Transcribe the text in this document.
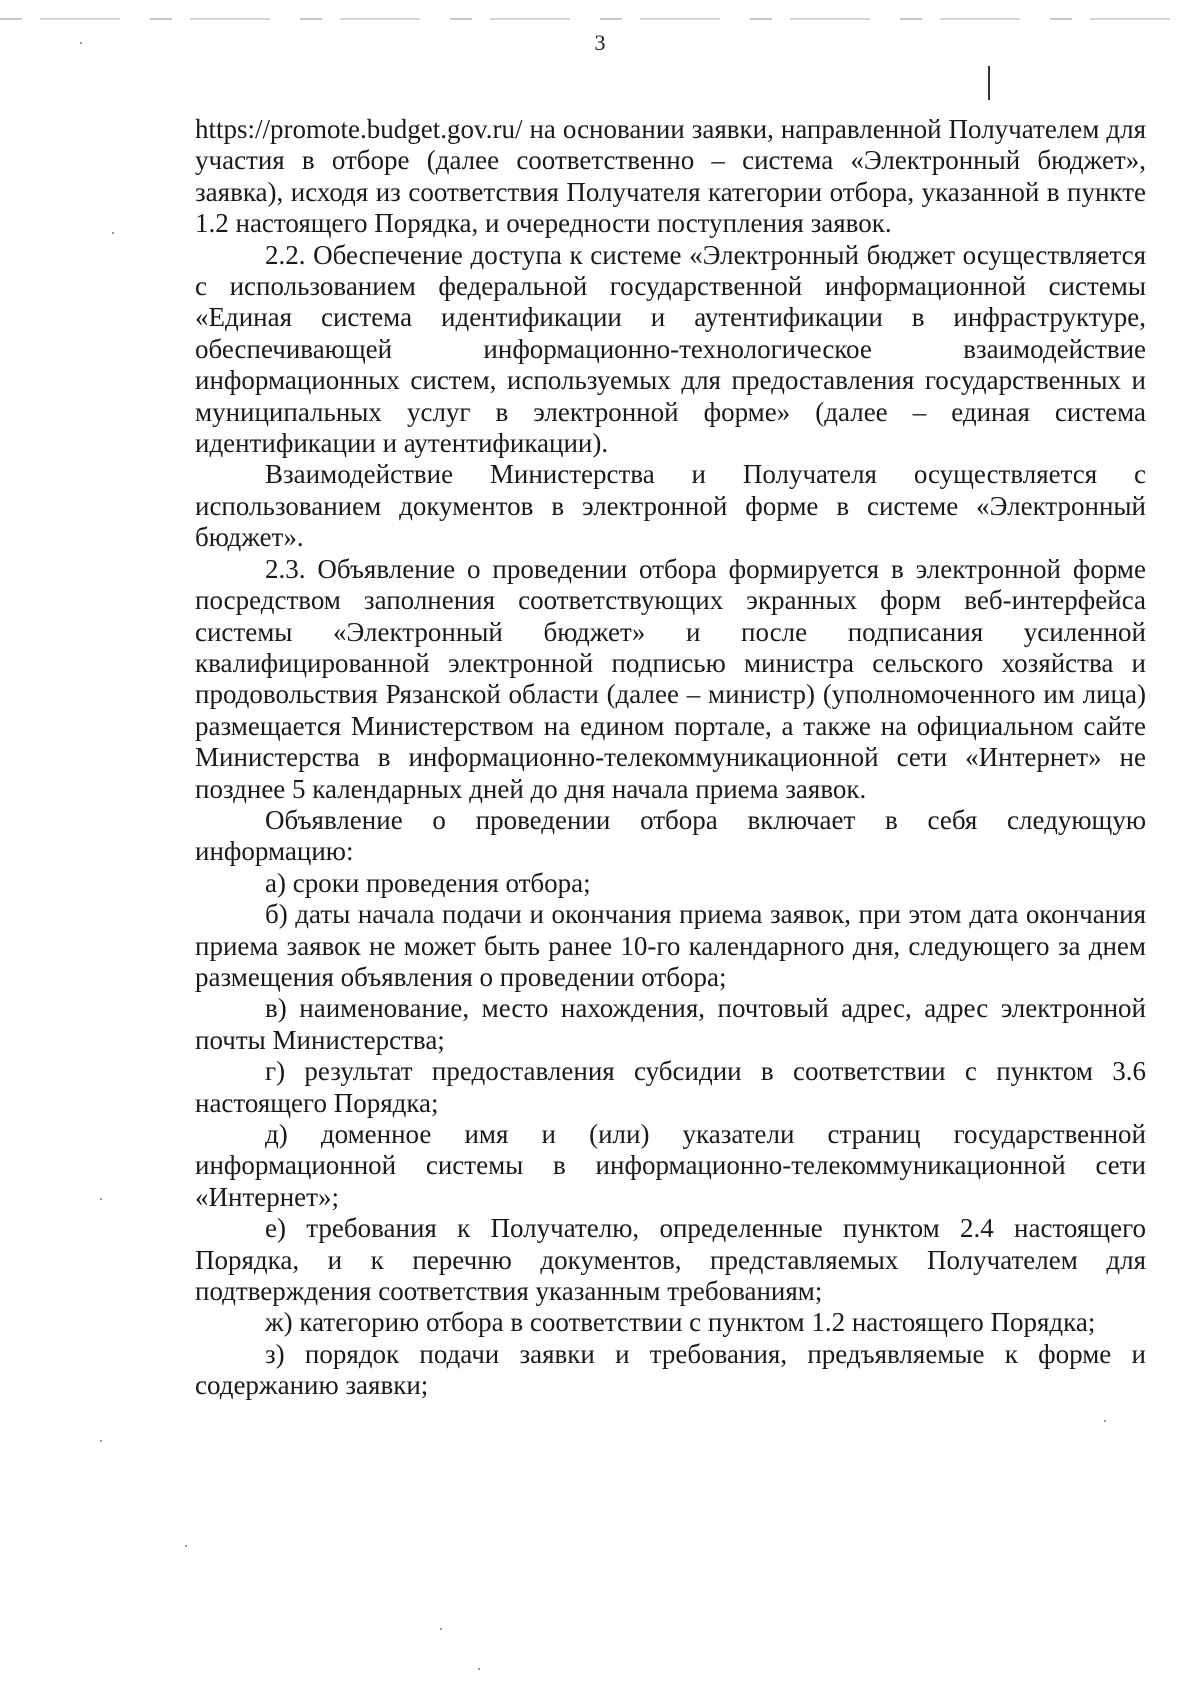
3

https://promote.budget.gov.ru/ на основании заявки, направленной Получателем для участия в отборе (далее соответственно – система «Электронный бюджет», заявка), исходя из соответствия Получателя категории отбора, указанной в пункте 1.2 настоящего Порядка, и очередности поступления заявок.

2.2. Обеспечение доступа к системе «Электронный бюджет осуществляется с использованием федеральной государственной информационной системы «Единая система идентификации и аутентификации в инфраструктуре, обеспечивающей информационно-технологическое взаимодействие информационных систем, используемых для предоставления государственных и муниципальных услуг в электронной форме» (далее – единая система идентификации и аутентификации).

Взаимодействие Министерства и Получателя осуществляется с использованием документов в электронной форме в системе «Электронный бюджет».

2.3. Объявление о проведении отбора формируется в электронной форме посредством заполнения соответствующих экранных форм веб-интерфейса системы «Электронный бюджет» и после подписания усиленной квалифицированной электронной подписью министра сельского хозяйства и продовольствия Рязанской области (далее – министр) (уполномоченного им лица) размещается Министерством на едином портале, а также на официальном сайте Министерства в информационно-телекоммуникационной сети «Интернет» не позднее 5 календарных дней до дня начала приема заявок.

Объявление о проведении отбора включает в себя следующую информацию:

а) сроки проведения отбора;

б) даты начала подачи и окончания приема заявок, при этом дата окончания приема заявок не может быть ранее 10-го календарного дня, следующего за днем размещения объявления о проведении отбора;

в) наименование, место нахождения, почтовый адрес, адрес электронной почты Министерства;

г) результат предоставления субсидии в соответствии с пунктом 3.6 настоящего Порядка;

д) доменное имя и (или) указатели страниц государственной информационной системы в информационно-телекоммуникационной сети «Интернет»;

е) требования к Получателю, определенные пунктом 2.4 настоящего Порядка, и к перечню документов, представляемых Получателем для подтверждения соответствия указанным требованиям;

ж) категорию отбора в соответствии с пунктом 1.2 настоящего Порядка;

з) порядок подачи заявки и требования, предъявляемые к форме и содержанию заявки;
